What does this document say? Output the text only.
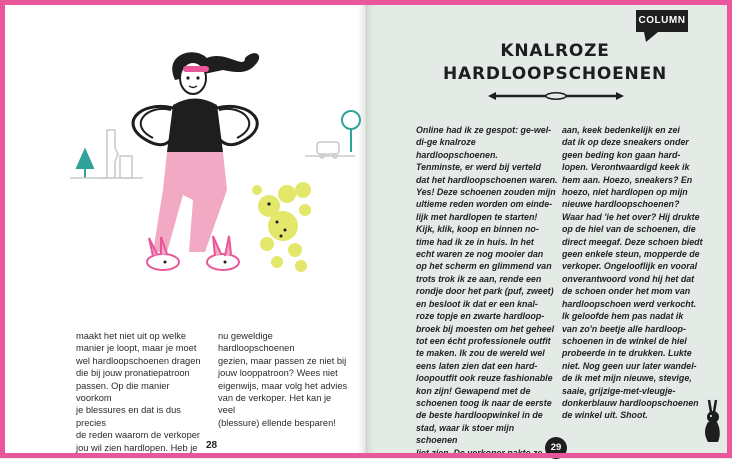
maakt het niet uit op welke
manier je loopt, maar je moet
wel hardloopschoenen dragen
die bij jouw pronatiepatroon
passen. Op die manier voorkom
je blessures en dat is dus precies
de reden waarom de verkoper
jou wil zien hardlopen. Heb je
nu geweldige hardloopschoenen
gezien, maar passen ze niet bij
jouw looppatroon? Wees niet
eigenwijs, maar volg het advies
van de verkoper. Het kan je veel
(blessure) ellende besparen!
28
COLUMN
KNALROZE
HARDLOOPSCHOENEN
Online had ik ze gespot: ge-wel-
di-ge knalroze hardloopschoenen.
Tenminste, er werd bij verteld
dat het hardloopschoenen waren.
Yes! Deze schoenen zouden mijn
ultieme reden worden om einde-
lijk met hardlopen te starten!
Kijk, klik, koop en binnen no-
time had ik ze in huis. In het
echt waren ze nog mooier dan
op het scherm en glimmend van
trots trok ik ze aan, rende een
rondje door het park (puf, zweet)
en besloot ik dat er een knal-
roze topje en zwarte hardloop-
broek bij moesten om het geheel
tot een écht professionele outfit
te maken. Ik zou de wereld wel
eens laten zien dat een hard-
loopoutfit ook reuze fashionable
kon zijn! Gewapend met de
schoenen toog ik naar de eerste
de beste hardloopwinkel in de
stad, waar ik stoer mijn schoenen
liet zien. De verkoper pakte ze
aan, keek bedenkelijk en zei
dat ik op deze sneakers onder
geen beding kon gaan hard-
lopen. Verontwaardigd keek ik
hem aan. Hoezo, sneakers? En
hoezo, niet hardlopen op mijn
nieuwe hardloopschoenen?
Waar had 'ie het over? Hij drukte
op de hiel van de schoenen, die
direct meegaf. Deze schoen biedt
geen enkele steun, mopperde de
verkoper. Ongelooflijk en vooral
onverantwoord vond hij het dat
de schoen onder het mom van
hardloopschoen werd verkocht.
Ik geloofde hem pas nadat ik
van zo'n beetje alle hardloop-
schoenen in de winkel de hiel
probeerde in te drukken. Lukte
niet. Nog geen uur later wandel-
de ik met mijn nieuwe, stevige,
saaie, grijzige-met-vleugje-
donkerblauw hardloopschoenen
de winkel uit. Shoot.
29
